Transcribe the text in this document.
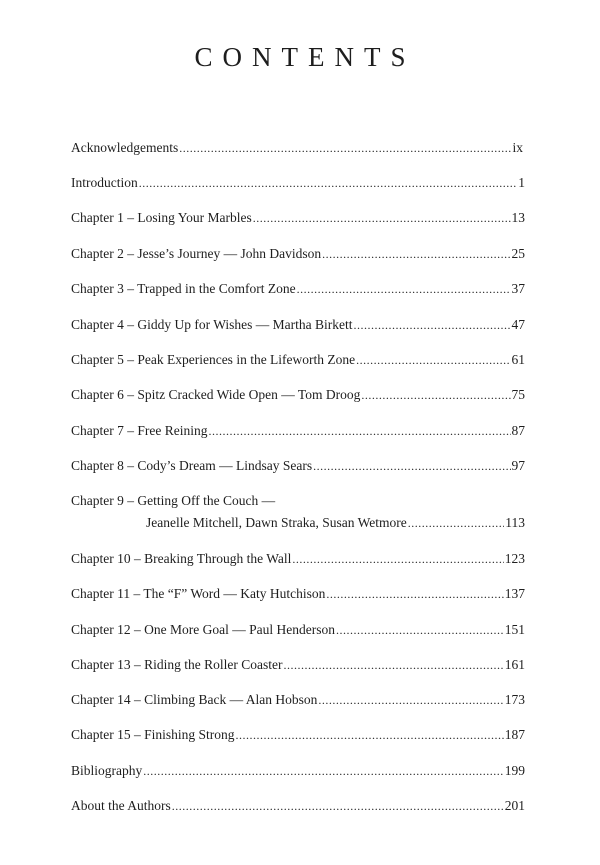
CONTENTS
Acknowledgements .....	ix
Introduction .....	1
Chapter 1 – Losing Your Marbles .....	13
Chapter 2 – Jesse’s Journey — John Davidson .....	25
Chapter 3 – Trapped in the Comfort Zone .....	37
Chapter 4 – Giddy Up for Wishes — Martha Birkett .....	47
Chapter 5 – Peak Experiences in the Lifeworth Zone .....	61
Chapter 6 – Spitz Cracked Wide Open — Tom Droog .....	75
Chapter 7 – Free Reining .....	87
Chapter 8 – Cody’s Dream — Lindsay Sears .....	97
Chapter 9 – Getting Off the Couch —
Jeanelle Mitchell, Dawn Straka, Susan Wetmore .....	113
Chapter 10 – Breaking Through the Wall .....	123
Chapter 11 – The “F” Word — Katy Hutchison .....	137
Chapter 12 – One More Goal — Paul Henderson .....	151
Chapter 13 – Riding the Roller Coaster .....	161
Chapter 14 – Climbing Back — Alan Hobson .....	173
Chapter 15 – Finishing Strong .....	187
Bibliography .....	199
About the Authors .....	201
